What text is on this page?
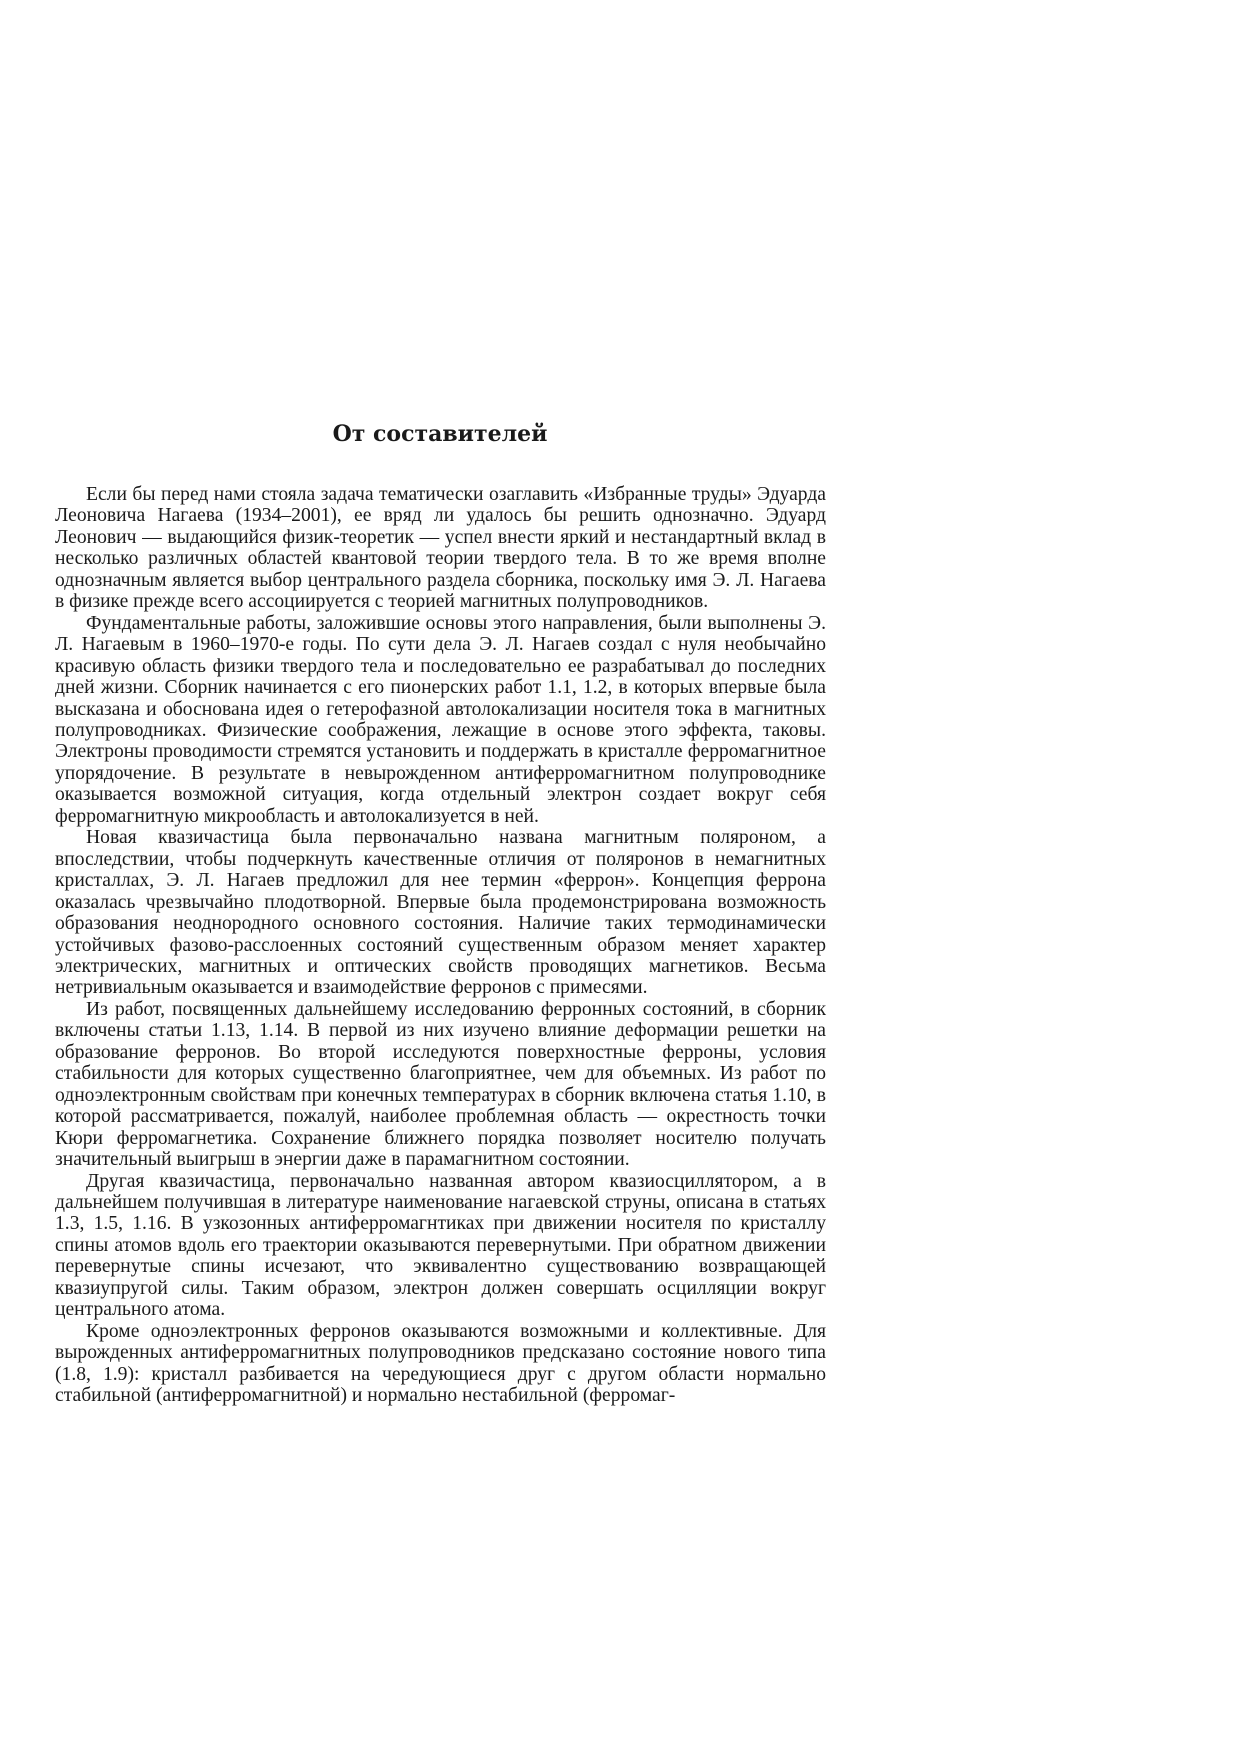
От составителей

Если бы перед нами стояла задача тематически озаглавить «Избранные труды» Эдуарда Леоновича Нагаева (1934–2001), ее вряд ли удалось бы решить однозначно. Эдуард Леонович — выдающийся физик-теоретик — успел внести яркий и нестандартный вклад в несколько различных областей квантовой теории твердого тела. В то же время вполне однозначным является выбор центрального раздела сборника, поскольку имя Э. Л. Нагаева в физике прежде всего ассоциируется с теорией магнитных полупроводников.

Фундаментальные работы, заложившие основы этого направления, были выполнены Э. Л. Нагаевым в 1960–1970-е годы. По сути дела Э. Л. Нагаев создал с нуля необычайно красивую область физики твердого тела и последовательно ее разрабатывал до последних дней жизни. Сборник начинается с его пионерских работ 1.1, 1.2, в которых впервые была высказана и обоснована идея о гетерофазной автолокализации носителя тока в магнитных полупроводниках. Физические соображения, лежащие в основе этого эффекта, таковы. Электроны проводимости стремятся установить и поддержать в кристалле ферромагнитное упорядочение. В результате в невырожденном антиферромагнитном полупроводнике оказывается возможной ситуация, когда отдельный электрон создает вокруг себя ферромагнитную микрообласть и автолокализуется в ней.

Новая квазичастица была первоначально названа магнитным поляроном, а впоследствии, чтобы подчеркнуть качественные отличия от поляронов в немагнитных кристаллах, Э. Л. Нагаев предложил для нее термин «феррон». Концепция феррона оказалась чрезвычайно плодотворной. Впервые была продемонстрирована возможность образования неоднородного основного состояния. Наличие таких термодинамически устойчивых фазово-расслоенных состояний существенным образом меняет характер электрических, магнитных и оптических свойств проводящих магнетиков. Весьма нетривиальным оказывается и взаимодействие ферронов с примесями.

Из работ, посвященных дальнейшему исследованию ферронных состояний, в сборник включены статьи 1.13, 1.14. В первой из них изучено влияние деформации решетки на образование ферронов. Во второй исследуются поверхностные ферроны, условия стабильности для которых существенно благоприятнее, чем для объемных. Из работ по одноэлектронным свойствам при конечных температурах в сборник включена статья 1.10, в которой рассматривается, пожалуй, наиболее проблемная область — окрестность точки Кюри ферромагнетика. Сохранение ближнего порядка позволяет носителю получать значительный выигрыш в энергии даже в парамагнитном состоянии.

Другая квазичастица, первоначально названная автором квазиосциллятором, а в дальнейшем получившая в литературе наименование нагаевской струны, описана в статьях 1.3, 1.5, 1.16. В узкозонных антиферромагнтиках при движении носителя по кристаллу спины атомов вдоль его траектории оказываются перевернутыми. При обратном движении перевернутые спины исчезают, что эквивалентно существованию возвращающей квазиупругой силы. Таким образом, электрон должен совершать осцилляции вокруг центрального атома.

Кроме одноэлектронных ферронов оказываются возможными и коллективные. Для вырожденных антиферромагнитных полупроводников предсказано состояние нового типа (1.8, 1.9): кристалл разбивается на чередующиеся друг с другом области нормально стабильной (антиферромагнитной) и нормально нестабильной (ферромаг-
